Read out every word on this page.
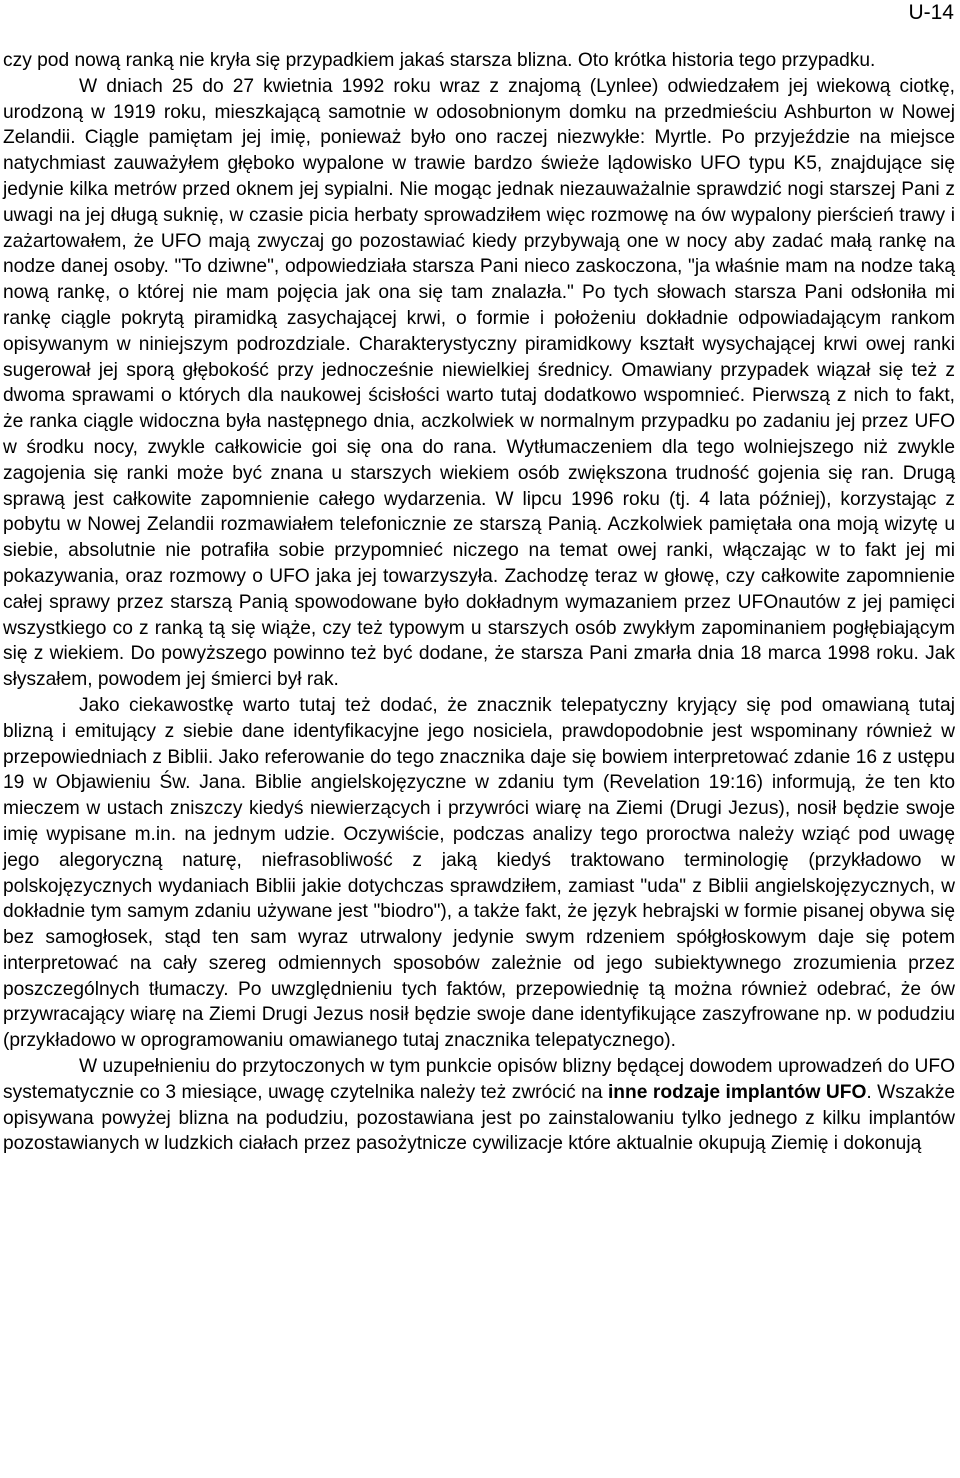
U-14

czy pod nową ranką nie kryła się przypadkiem jakaś starsza blizna. Oto krótka historia tego przypadku.

W dniach 25 do 27 kwietnia 1992 roku wraz z znajomą (Lynlee) odwiedzałem jej wiekową ciotkę, urodzoną w 1919 roku, mieszkającą samotnie w odosobnionym domku na przedmieściu Ashburton w Nowej Zelandii. Ciągle pamiętam jej imię, ponieważ było ono raczej niezwykłe: Myrtle. Po przyjeździe na miejsce natychmiast zauważyłem głęboko wypalone w trawie bardzo świeże lądowisko UFO typu K5, znajdujące się jedynie kilka metrów przed oknem jej sypialni. Nie mogąc jednak niezauważalnie sprawdzić nogi starszej Pani z uwagi na jej długą suknię, w czasie picia herbaty sprowadziłem więc rozmowę na ów wypalony pierścień trawy i zażartowałem, że UFO mają zwyczaj go pozostawiać kiedy przybywają one w nocy aby zadać małą rankę na nodze danej osoby. "To dziwne", odpowiedziała starsza Pani nieco zaskoczona, "ja właśnie mam na nodze taką nową rankę, o której nie mam pojęcia jak ona się tam znalazła." Po tych słowach starsza Pani odsłoniła mi rankę ciągle pokrytą piramidką zasychającej krwi, o formie i położeniu dokładnie odpowiadającym rankom opisywanym w niniejszym podrozdziale. Charakterystyczny piramidkowy kształt wysychającej krwi owej ranki sugerował jej sporą głębokość przy jednocześnie niewielkiej średnicy. Omawiany przypadek wiązał się też z dwoma sprawami o których dla naukowej ścisłości warto tutaj dodatkowo wspomnieć. Pierwszą z nich to fakt, że ranka ciągle widoczna była następnego dnia, aczkolwiek w normalnym przypadku po zadaniu jej przez UFO w środku nocy, zwykle całkowicie goi się ona do rana. Wytłumaczeniem dla tego wolniejszego niż zwykle zagojenia się ranki może być znana u starszych wiekiem osób zwiększona trudność gojenia się ran. Drugą sprawą jest całkowite zapomnienie całego wydarzenia. W lipcu 1996 roku (tj. 4 lata później), korzystając z pobytu w Nowej Zelandii rozmawiałem telefonicznie ze starszą Panią. Aczkolwiek pamiętała ona moją wizytę u siebie, absolutnie nie potrafiła sobie przypomnieć niczego na temat owej ranki, włączając w to fakt jej mi pokazywania, oraz rozmowy o UFO jaka jej towarzyszyła. Zachodzę teraz w głowę, czy całkowite zapomnienie całej sprawy przez starszą Panią spowodowane było dokładnym wymazaniem przez UFOnautów z jej pamięci wszystkiego co z ranką tą się wiąże, czy też typowym u starszych osób zwykłym zapominaniem pogłębiającym się z wiekiem. Do powyższego powinno też być dodane, że starsza Pani zmarła dnia 18 marca 1998 roku. Jak słyszałem, powodem jej śmierci był rak.

Jako ciekawostkę warto tutaj też dodać, że znacznik telepatyczny kryjący się pod omawianą tutaj blizną i emitujący z siebie dane identyfikacyjne jego nosiciela, prawdopodobnie jest wspominany również w przepowiedniach z Biblii. Jako referowanie do tego znacznika daje się bowiem interpretować zdanie 16 z ustępu 19 w Objawieniu Św. Jana. Biblie angielskojęzyczne w zdaniu tym (Revelation 19:16) informują, że ten kto mieczem w ustach zniszczy kiedyś niewierzących i przywróci wiarę na Ziemi (Drugi Jezus), nosił będzie swoje imię wypisane m.in. na jednym udzie. Oczywiście, podczas analizy tego proroctwa należy wziąć pod uwagę jego alegoryczną naturę, niefrasobliwość z jaką kiedyś traktowano terminologię (przykładowo w polskojęzycznych wydaniach Biblii jakie dotychczas sprawdziłem, zamiast "uda" z Biblii angielskojęzycznych, w dokładnie tym samym zdaniu używane jest "biodro"), a także fakt, że język hebrajski w formie pisanej obywa się bez samogłosek, stąd ten sam wyraz utrwalony jedynie swym rdzeniem spółgłoskowym daje się potem interpretować na cały szereg odmiennych sposobów zależnie od jego subiektywnego zrozumienia przez poszczególnych tłumaczy. Po uwzględnieniu tych faktów, przepowiednię tą można również odebrać, że ów przywracający wiarę na Ziemi Drugi Jezus nosił będzie swoje dane identyfikujące zaszyfrowane np. w podudziu (przykładowo w oprogramowaniu omawianego tutaj znacznika telepatycznego).

W uzupełnieniu do przytoczonych w tym punkcie opisów blizny będącej dowodem uprowadzeń do UFO systematycznie co 3 miesiące, uwagę czytelnika należy też zwrócić na inne rodzaje implantów UFO. Wszakże opisywana powyżej blizna na podudziu, pozostawiana jest po zainstalowaniu tylko jednego z kilku implantów pozostawianych w ludzkich ciałach przez pasożytnicze cywilizacje które aktualnie okupują Ziemię i dokonują
